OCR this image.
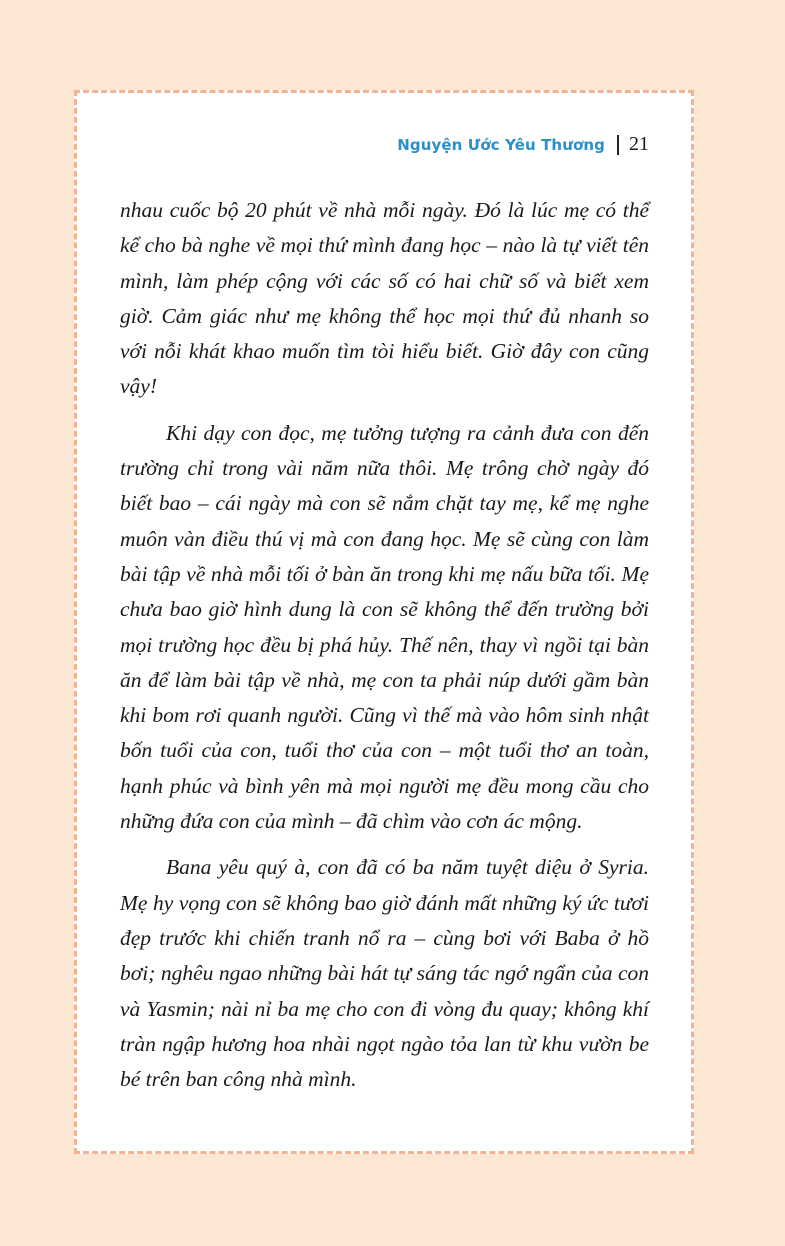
Nguyện Ước Yêu Thương 21

nhau cuốc bộ 20 phút về nhà mỗi ngày. Đó là lúc mẹ có thể kể cho bà nghe về mọi thứ mình đang học – nào là tự viết tên mình, làm phép cộng với các số có hai chữ số và biết xem giờ. Cảm giác như mẹ không thể học mọi thứ đủ nhanh so với nỗi khát khao muốn tìm tòi hiểu biết. Giờ đây con cũng vậy!

Khi dạy con đọc, mẹ tưởng tượng ra cảnh đưa con đến trường chỉ trong vài năm nữa thôi. Mẹ trông chờ ngày đó biết bao – cái ngày mà con sẽ nắm chặt tay mẹ, kể mẹ nghe muôn vàn điều thú vị mà con đang học. Mẹ sẽ cùng con làm bài tập về nhà mỗi tối ở bàn ăn trong khi mẹ nấu bữa tối. Mẹ chưa bao giờ hình dung là con sẽ không thể đến trường bởi mọi trường học đều bị phá hủy. Thế nên, thay vì ngồi tại bàn ăn để làm bài tập về nhà, mẹ con ta phải núp dưới gầm bàn khi bom rơi quanh người. Cũng vì thế mà vào hôm sinh nhật bốn tuổi của con, tuổi thơ của con – một tuổi thơ an toàn, hạnh phúc và bình yên mà mọi người mẹ đều mong cầu cho những đứa con của mình – đã chìm vào cơn ác mộng.

Bana yêu quý à, con đã có ba năm tuyệt diệu ở Syria. Mẹ hy vọng con sẽ không bao giờ đánh mất những ký ức tươi đẹp trước khi chiến tranh nổ ra – cùng bơi với Baba ở hồ bơi; nghêu ngao những bài hát tự sáng tác ngớ ngẩn của con và Yasmin; nài nỉ ba mẹ cho con đi vòng đu quay; không khí tràn ngập hương hoa nhài ngọt ngào tỏa lan từ khu vườn be bé trên ban công nhà mình.
